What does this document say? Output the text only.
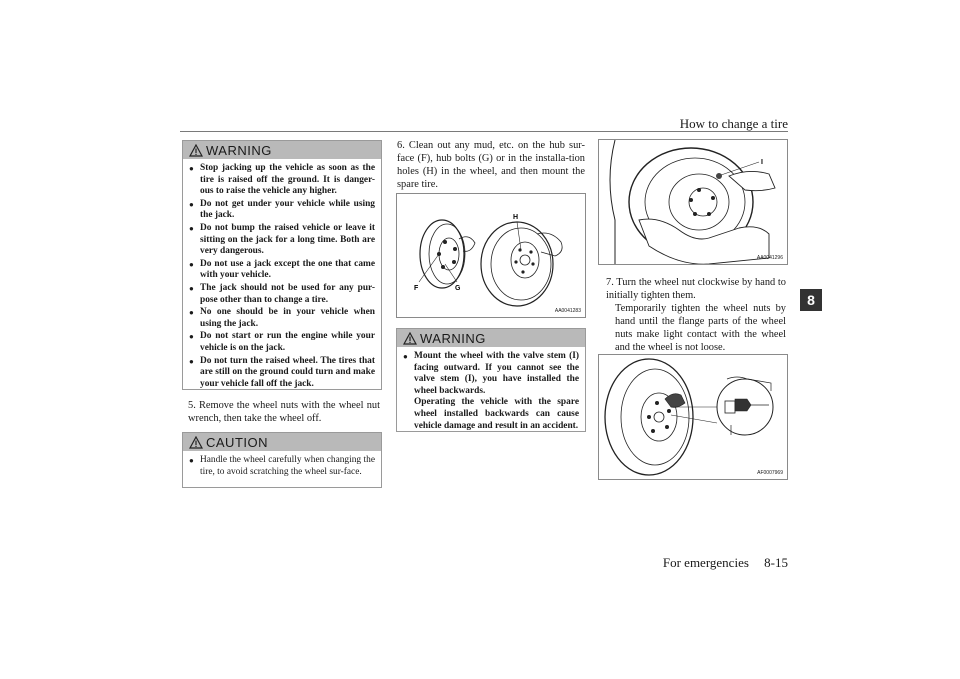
How to change a tire
8
For emergencies 8-15
WARNING
● Stop jacking up the vehicle as soon as the tire is raised off the ground. It is danger-ous to raise the vehicle any higher.
● Do not get under your vehicle while using the jack.
● Do not bump the raised vehicle or leave it sitting on the jack for a long time. Both are very dangerous.
● Do not use a jack except the one that came with your vehicle.
● The jack should not be used for any pur-pose other than to change a tire.
● No one should be in your vehicle when using the jack.
● Do not start or run the engine while your vehicle is on the jack.
● Do not turn the raised wheel. The tires that are still on the ground could turn and make your vehicle fall off the jack.
5. Remove the wheel nuts with the wheel nut wrench, then take the wheel off.
CAUTION
● Handle the wheel carefully when changing the tire, to avoid scratching the wheel sur-face.
6. Clean out any mud, etc. on the hub sur-face (F), hub bolts (G) or in the installa-tion holes (H) in the wheel, and then mount the spare tire.
F	G
H
AA0041283
WARNING
● Mount the wheel with the valve stem (I) facing outward. If you cannot see the valve stem (I), you have installed the wheel backwards.
Operating the vehicle with the spare wheel installed backwards can cause vehicle damage and result in an accident.
I
AA0041296
7. Turn the wheel nut clockwise by hand to initially tighten them.
Temporarily tighten the wheel nuts by hand until the flange parts of the wheel nuts make light contact with the wheel and the wheel is not loose.
AF0007969
